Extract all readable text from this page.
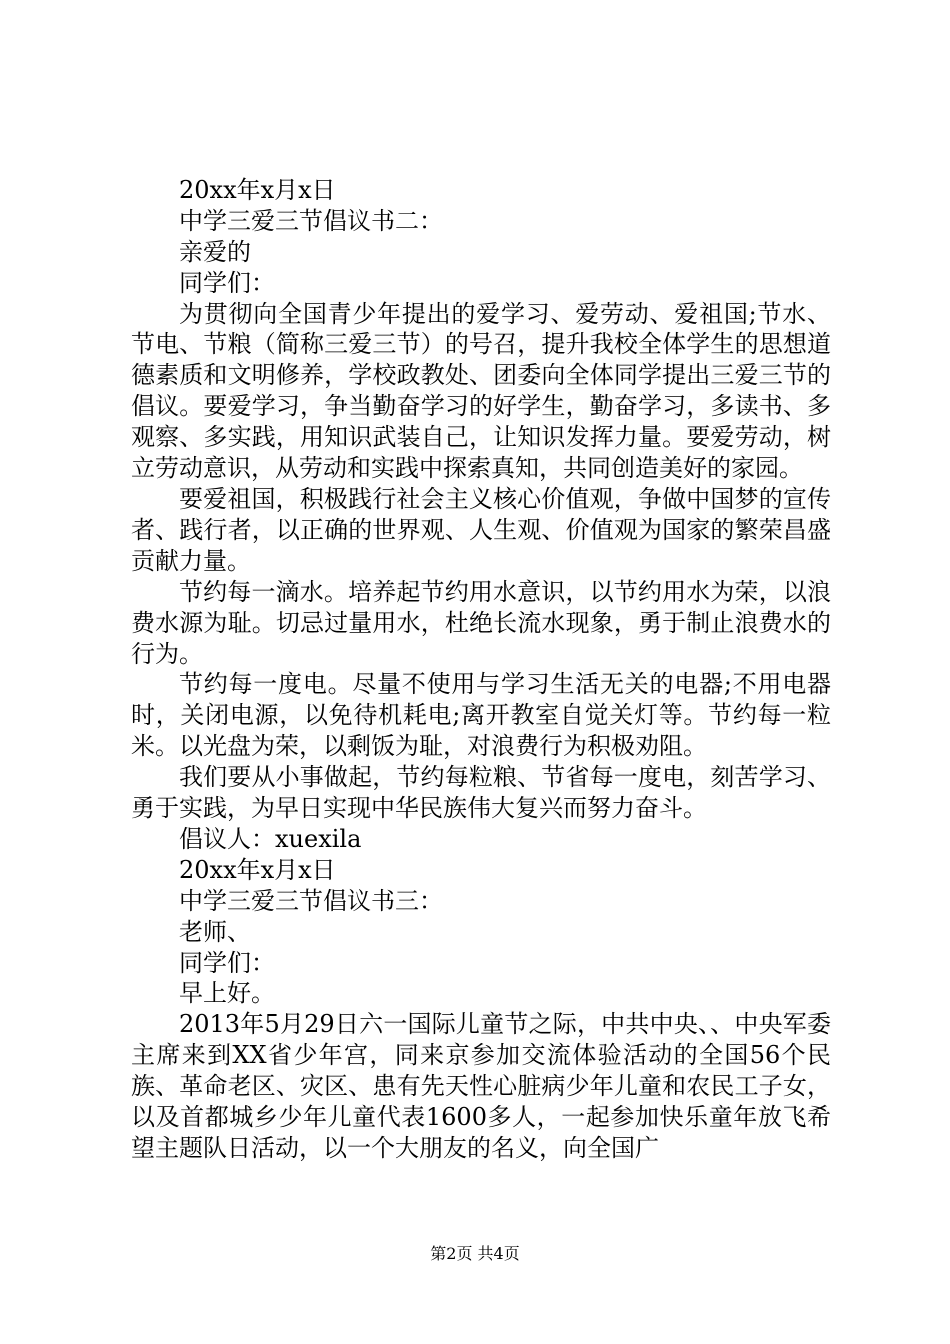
20xx年x月x日
中学三爱三节倡议书二：
亲爱的
同学们：
为贯彻向全国青少年提出的爱学习、爱劳动、爱祖国;节水、节电、节粮（简称三爱三节）的号召，提升我校全体学生的思想道德素质和文明修养，学校政教处、团委向全体同学提出三爱三节的倡议。要爱学习，争当勤奋学习的好学生，勤奋学习，多读书、多观察、多实践，用知识武装自己，让知识发挥力量。要爱劳动，树立劳动意识，从劳动和实践中探索真知，共同创造美好的家园。
要爱祖国，积极践行社会主义核心价值观，争做中国梦的宣传者、践行者，以正确的世界观、人生观、价值观为国家的繁荣昌盛贡献力量。
节约每一滴水。培养起节约用水意识，以节约用水为荣，以浪费水源为耻。切忌过量用水，杜绝长流水现象，勇于制止浪费水的行为。
节约每一度电。尽量不使用与学习生活无关的电器;不用电器时，关闭电源，以免待机耗电;离开教室自觉关灯等。节约每一粒米。以光盘为荣，以剩饭为耻，对浪费行为积极劝阻。
我们要从小事做起，节约每粒粮、节省每一度电，刻苦学习、勇于实践，为早日实现中华民族伟大复兴而努力奋斗。
倡议人：xuexila
20xx年x月x日
中学三爱三节倡议书三：
老师、
同学们：
早上好。
2013年5月29日六一国际儿童节之际，中共中央、、中央军委主席来到XX省少年宫，同来京参加交流体验活动的全国56个民族、革命老区、灾区、患有先天性心脏病少年儿童和农民工子女，以及首都城乡少年儿童代表1600多人，一起参加快乐童年放飞希望主题队日活动，以一个大朋友的名义，向全国广
第2页 共4页
